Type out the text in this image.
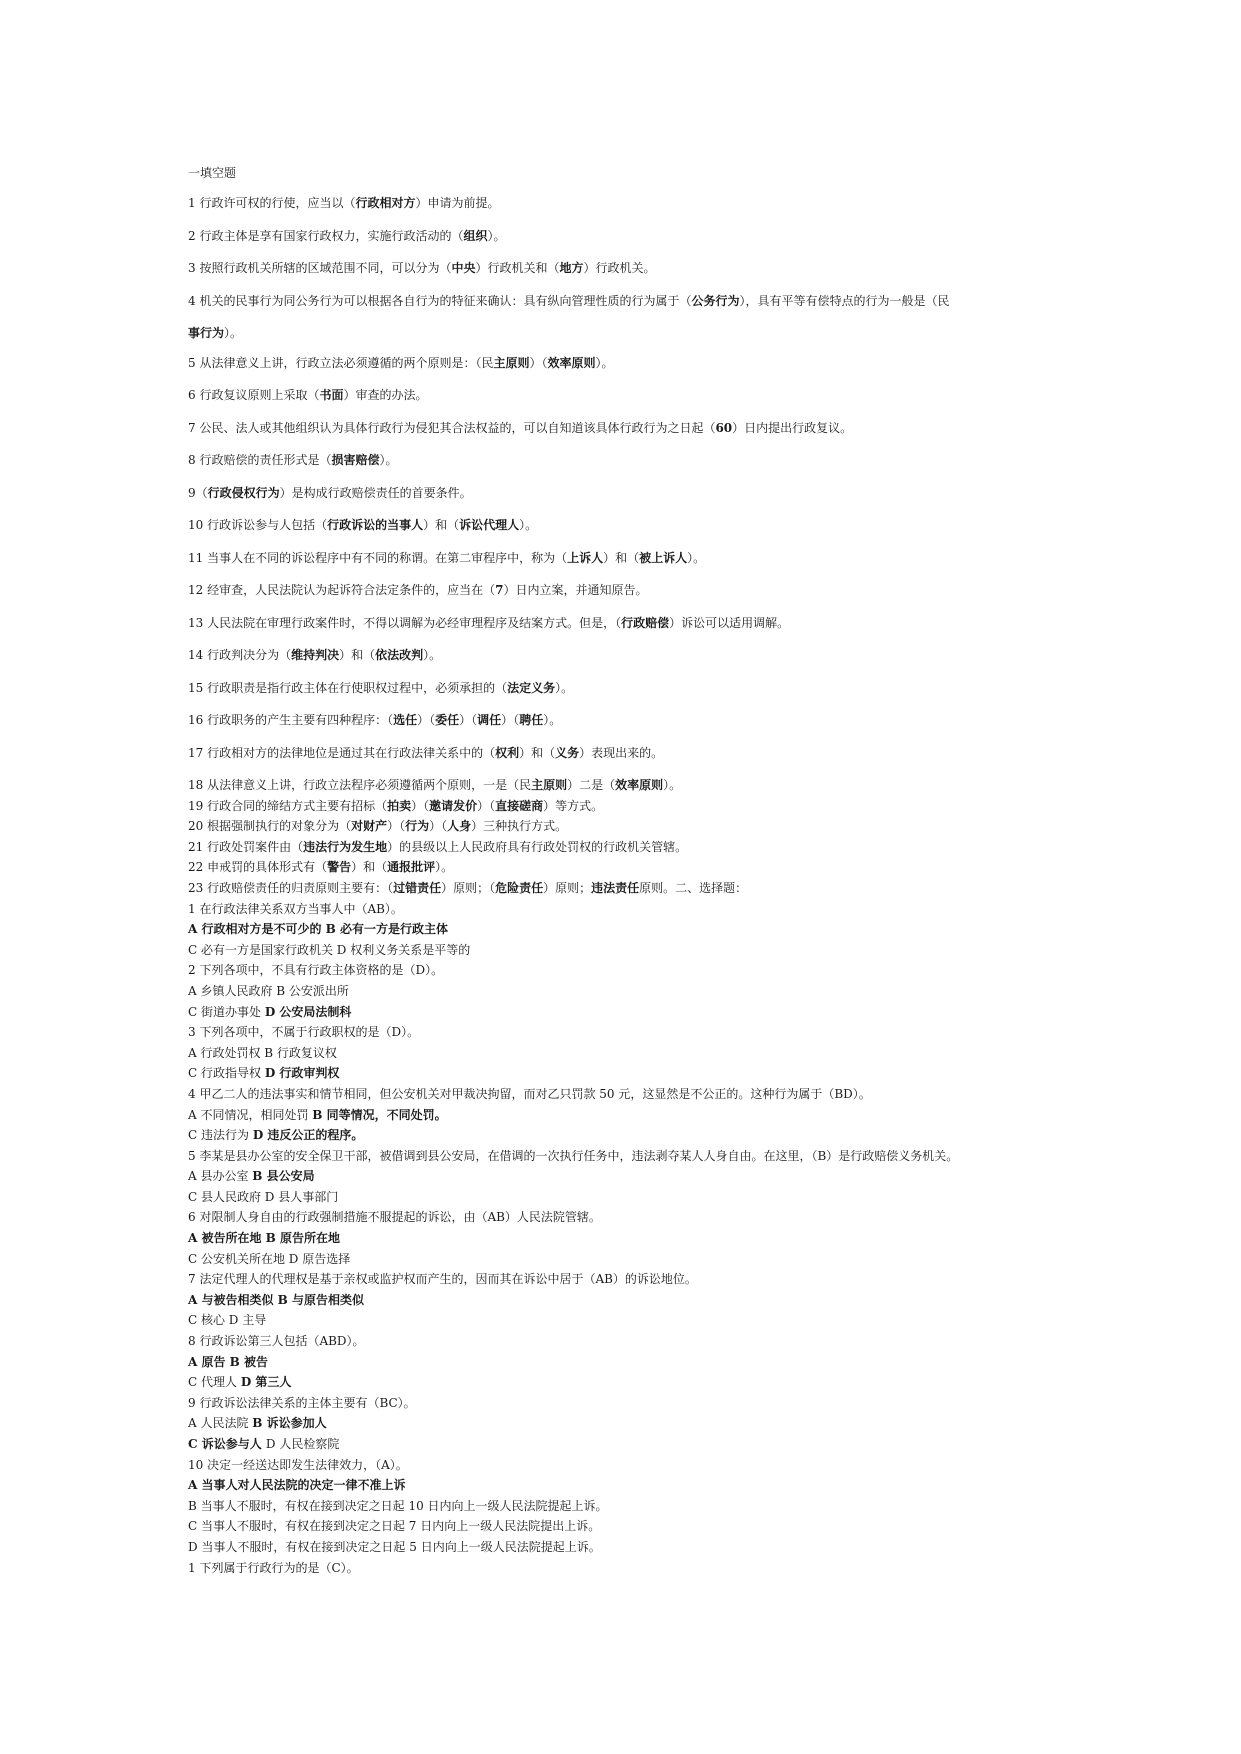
一填空题
1 行政许可权的行使，应当以（行政相对方）申请为前提。
2 行政主体是享有国家行政权力，实施行政活动的（组织）。
3 按照行政机关所辖的区域范围不同，可以分为（中央）行政机关和（地方）行政机关。
4 机关的民事行为同公务行为可以根据各自行为的特征来确认：具有纵向管理性质的行为属于（公务行为），具有平等有偿特点的行为一般是（民
事行为）。
5 从法律意义上讲，行政立法必须遵循的两个原则是：（民主原则）（效率原则）。
6 行政复议原则上采取（书面）审查的办法。
7 公民、法人或其他组织认为具体行政行为侵犯其合法权益的，可以自知道该具体行政行为之日起（60）日内提出行政复议。
8 行政赔偿的责任形式是（损害赔偿）。
9（行政侵权行为）是构成行政赔偿责任的首要条件。
10 行政诉讼参与人包括（行政诉讼的当事人）和（诉讼代理人）。
11 当事人在不同的诉讼程序中有不同的称谓。在第二审程序中，称为（上诉人）和（被上诉人）。
12 经审查，人民法院认为起诉符合法定条件的，应当在（7）日内立案，并通知原告。
13 人民法院在审理行政案件时，不得以调解为必经审理程序及结案方式。但是，（行政赔偿）诉讼可以适用调解。
14 行政判决分为（维持判决）和（依法改判）。
15 行政职责是指行政主体在行使职权过程中，必须承担的（法定义务）。
16 行政职务的产生主要有四种程序：（选任）（委任）（调任）（聘任）。
17 行政相对方的法律地位是通过其在行政法律关系中的（权利）和（义务）表现出来的。
18 从法律意义上讲，行政立法程序必须遵循两个原则，一是（民主原则）二是（效率原则）。
19 行政合同的缔结方式主要有招标（拍卖）（邀请发价）（直接磋商）等方式。
20 根据强制执行的对象分为（对财产）（行为）（人身）三种执行方式。
21 行政处罚案件由（违法行为发生地）的县级以上人民政府具有行政处罚权的行政机关管辖。
22 申戒罚的具体形式有（警告）和（通报批评）。
23 行政赔偿责任的归责原则主要有：（过错责任）原则；（危险责任）原则；违法责任原则。二、选择题：
1 在行政法律关系双方当事人中（AB）。
A 行政相对方是不可少的 B 必有一方是行政主体
C 必有一方是国家行政机关 D 权利义务关系是平等的
2 下列各项中，不具有行政主体资格的是（D）。
A 乡镇人民政府 B 公安派出所
C 街道办事处 D 公安局法制科
3 下列各项中，不属于行政职权的是（D）。
A 行政处罚权 B 行政复议权
C 行政指导权 D 行政审判权
4 甲乙二人的违法事实和情节相同，但公安机关对甲裁决拘留，而对乙只罚款 50 元，这显然是不公正的。这种行为属于（BD）。
A 不同情况，相同处罚 B 同等情况，不同处罚。
C 违法行为 D 违反公正的程序。
5 李某是县办公室的安全保卫干部，被借调到县公安局，在借调的一次执行任务中，违法剥夺某人人身自由。在这里，（B）是行政赔偿义务机关。
A 县办公室 B 县公安局
C 县人民政府 D 县人事部门
6 对限制人身自由的行政强制措施不服提起的诉讼，由（AB）人民法院管辖。
A 被告所在地 B 原告所在地
C 公安机关所在地 D 原告选择
7 法定代理人的代理权是基于亲权或监护权而产生的，因而其在诉讼中居于（AB）的诉讼地位。
A 与被告相类似 B 与原告相类似
C 核心 D 主导
8 行政诉讼第三人包括（ABD）。
A 原告 B 被告
C 代理人 D 第三人
9 行政诉讼法律关系的主体主要有（BC）。
A 人民法院 B 诉讼参加人
C 诉讼参与人 D 人民检察院
10 决定一经送达即发生法律效力，（A）。
A 当事人对人民法院的决定一律不准上诉
B 当事人不服时，有权在接到决定之日起 10 日内向上一级人民法院提起上诉。
C 当事人不服时，有权在接到决定之日起 7 日内向上一级人民法院提出上诉。
D 当事人不服时，有权在接到决定之日起 5 日内向上一级人民法院提起上诉。
1 下列属于行政行为的是（C）。
